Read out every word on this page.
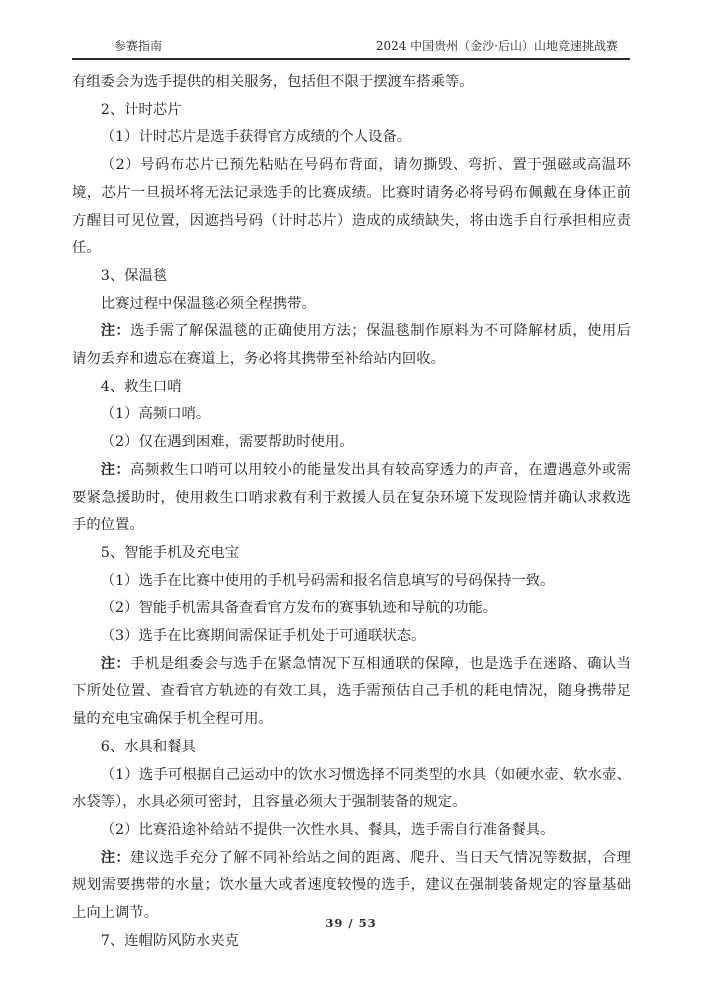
参赛指南	2024 中国贵州（金沙·后山）山地竞速挑战赛

有组委会为选手提供的相关服务，包括但不限于摆渡车搭乘等。

2、计时芯片

（1）计时芯片是选手获得官方成绩的个人设备。

（2）号码布芯片已预先粘贴在号码布背面，请勿撕毁、弯折、置于强磁或高温环境，芯片一旦损坏将无法记录选手的比赛成绩。比赛时请务必将号码布佩戴在身体正前方醒目可见位置，因遮挡号码（计时芯片）造成的成绩缺失，将由选手自行承担相应责任。

3、保温毯

比赛过程中保温毯必须全程携带。

注：选手需了解保温毯的正确使用方法；保温毯制作原料为不可降解材质，使用后请勿丢弃和遗忘在赛道上，务必将其携带至补给站内回收。

4、救生口哨

（1）高频口哨。

（2）仅在遇到困难，需要帮助时使用。

注：高频救生口哨可以用较小的能量发出具有较高穿透力的声音，在遭遇意外或需要紧急援助时，使用救生口哨求救有利于救援人员在复杂环境下发现险情并确认求救选手的位置。

5、智能手机及充电宝

（1）选手在比赛中使用的手机号码需和报名信息填写的号码保持一致。

（2）智能手机需具备查看官方发布的赛事轨迹和导航的功能。

（3）选手在比赛期间需保证手机处于可通联状态。

注：手机是组委会与选手在紧急情况下互相通联的保障，也是选手在迷路、确认当下所处位置、查看官方轨迹的有效工具，选手需预估自己手机的耗电情况，随身携带足量的充电宝确保手机全程可用。

6、水具和餐具

（1）选手可根据自己运动中的饮水习惯选择不同类型的水具（如硬水壶、软水壶、水袋等），水具必须可密封，且容量必须大于强制装备的规定。

（2）比赛沿途补给站不提供一次性水具、餐具，选手需自行准备餐具。

注：建议选手充分了解不同补给站之间的距离、爬升、当日天气情况等数据，合理规划需要携带的水量；饮水量大或者速度较慢的选手，建议在强制装备规定的容量基础上向上调节。

7、连帽防风防水夹克

39 / 53
